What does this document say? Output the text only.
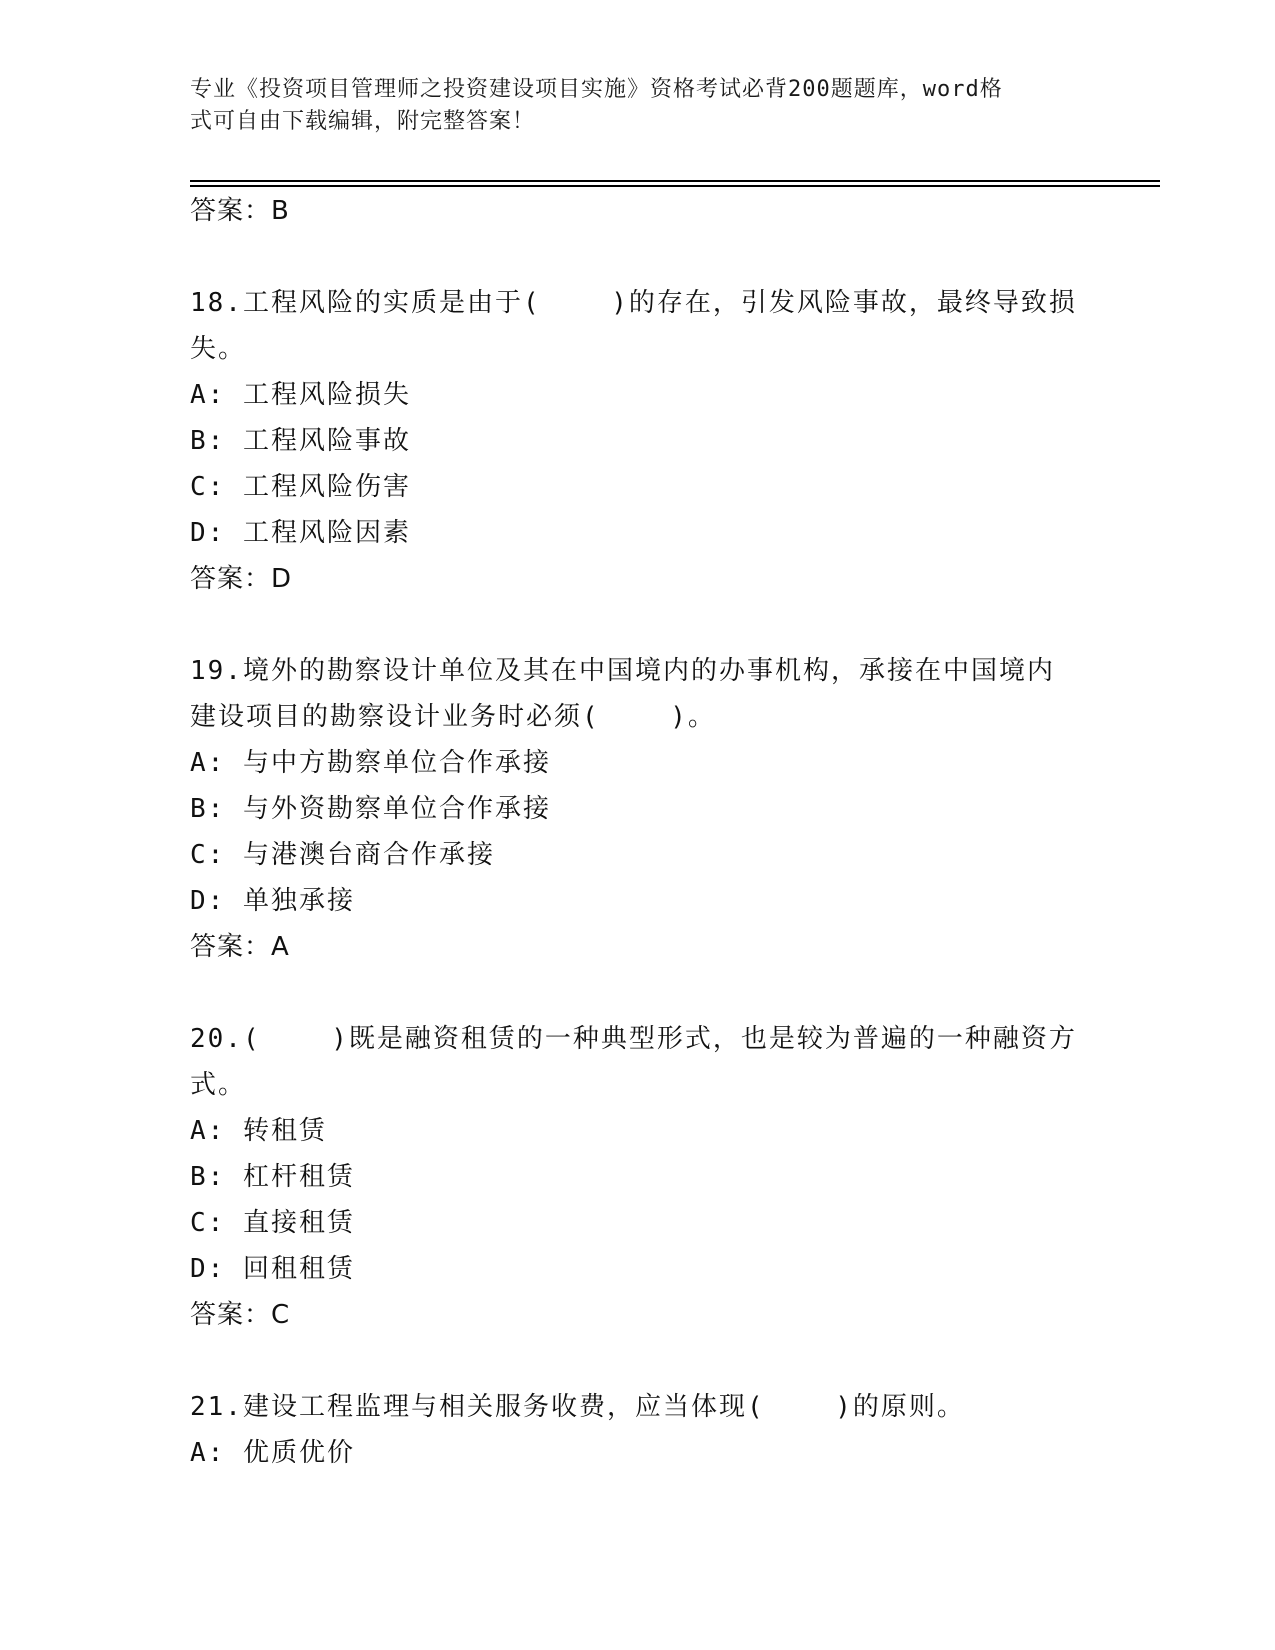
专业《投资项目管理师之投资建设项目实施》资格考试必背200题题库，word格
式可自由下载编辑，附完整答案！
答案：B
18.工程风险的实质是由于(    )的存在，引发风险事故，最终导致损
失。
A: 工程风险损失
B: 工程风险事故
C: 工程风险伤害
D: 工程风险因素
答案：D
19.境外的勘察设计单位及其在中国境内的办事机构，承接在中国境内
建设项目的勘察设计业务时必须(    )。
A: 与中方勘察单位合作承接
B: 与外资勘察单位合作承接
C: 与港澳台商合作承接
D: 单独承接
答案：A
20.(    )既是融资租赁的一种典型形式，也是较为普遍的一种融资方
式。
A: 转租赁
B: 杠杆租赁
C: 直接租赁
D: 回租租赁
答案：C
21.建设工程监理与相关服务收费，应当体现(    )的原则。
A: 优质优价
